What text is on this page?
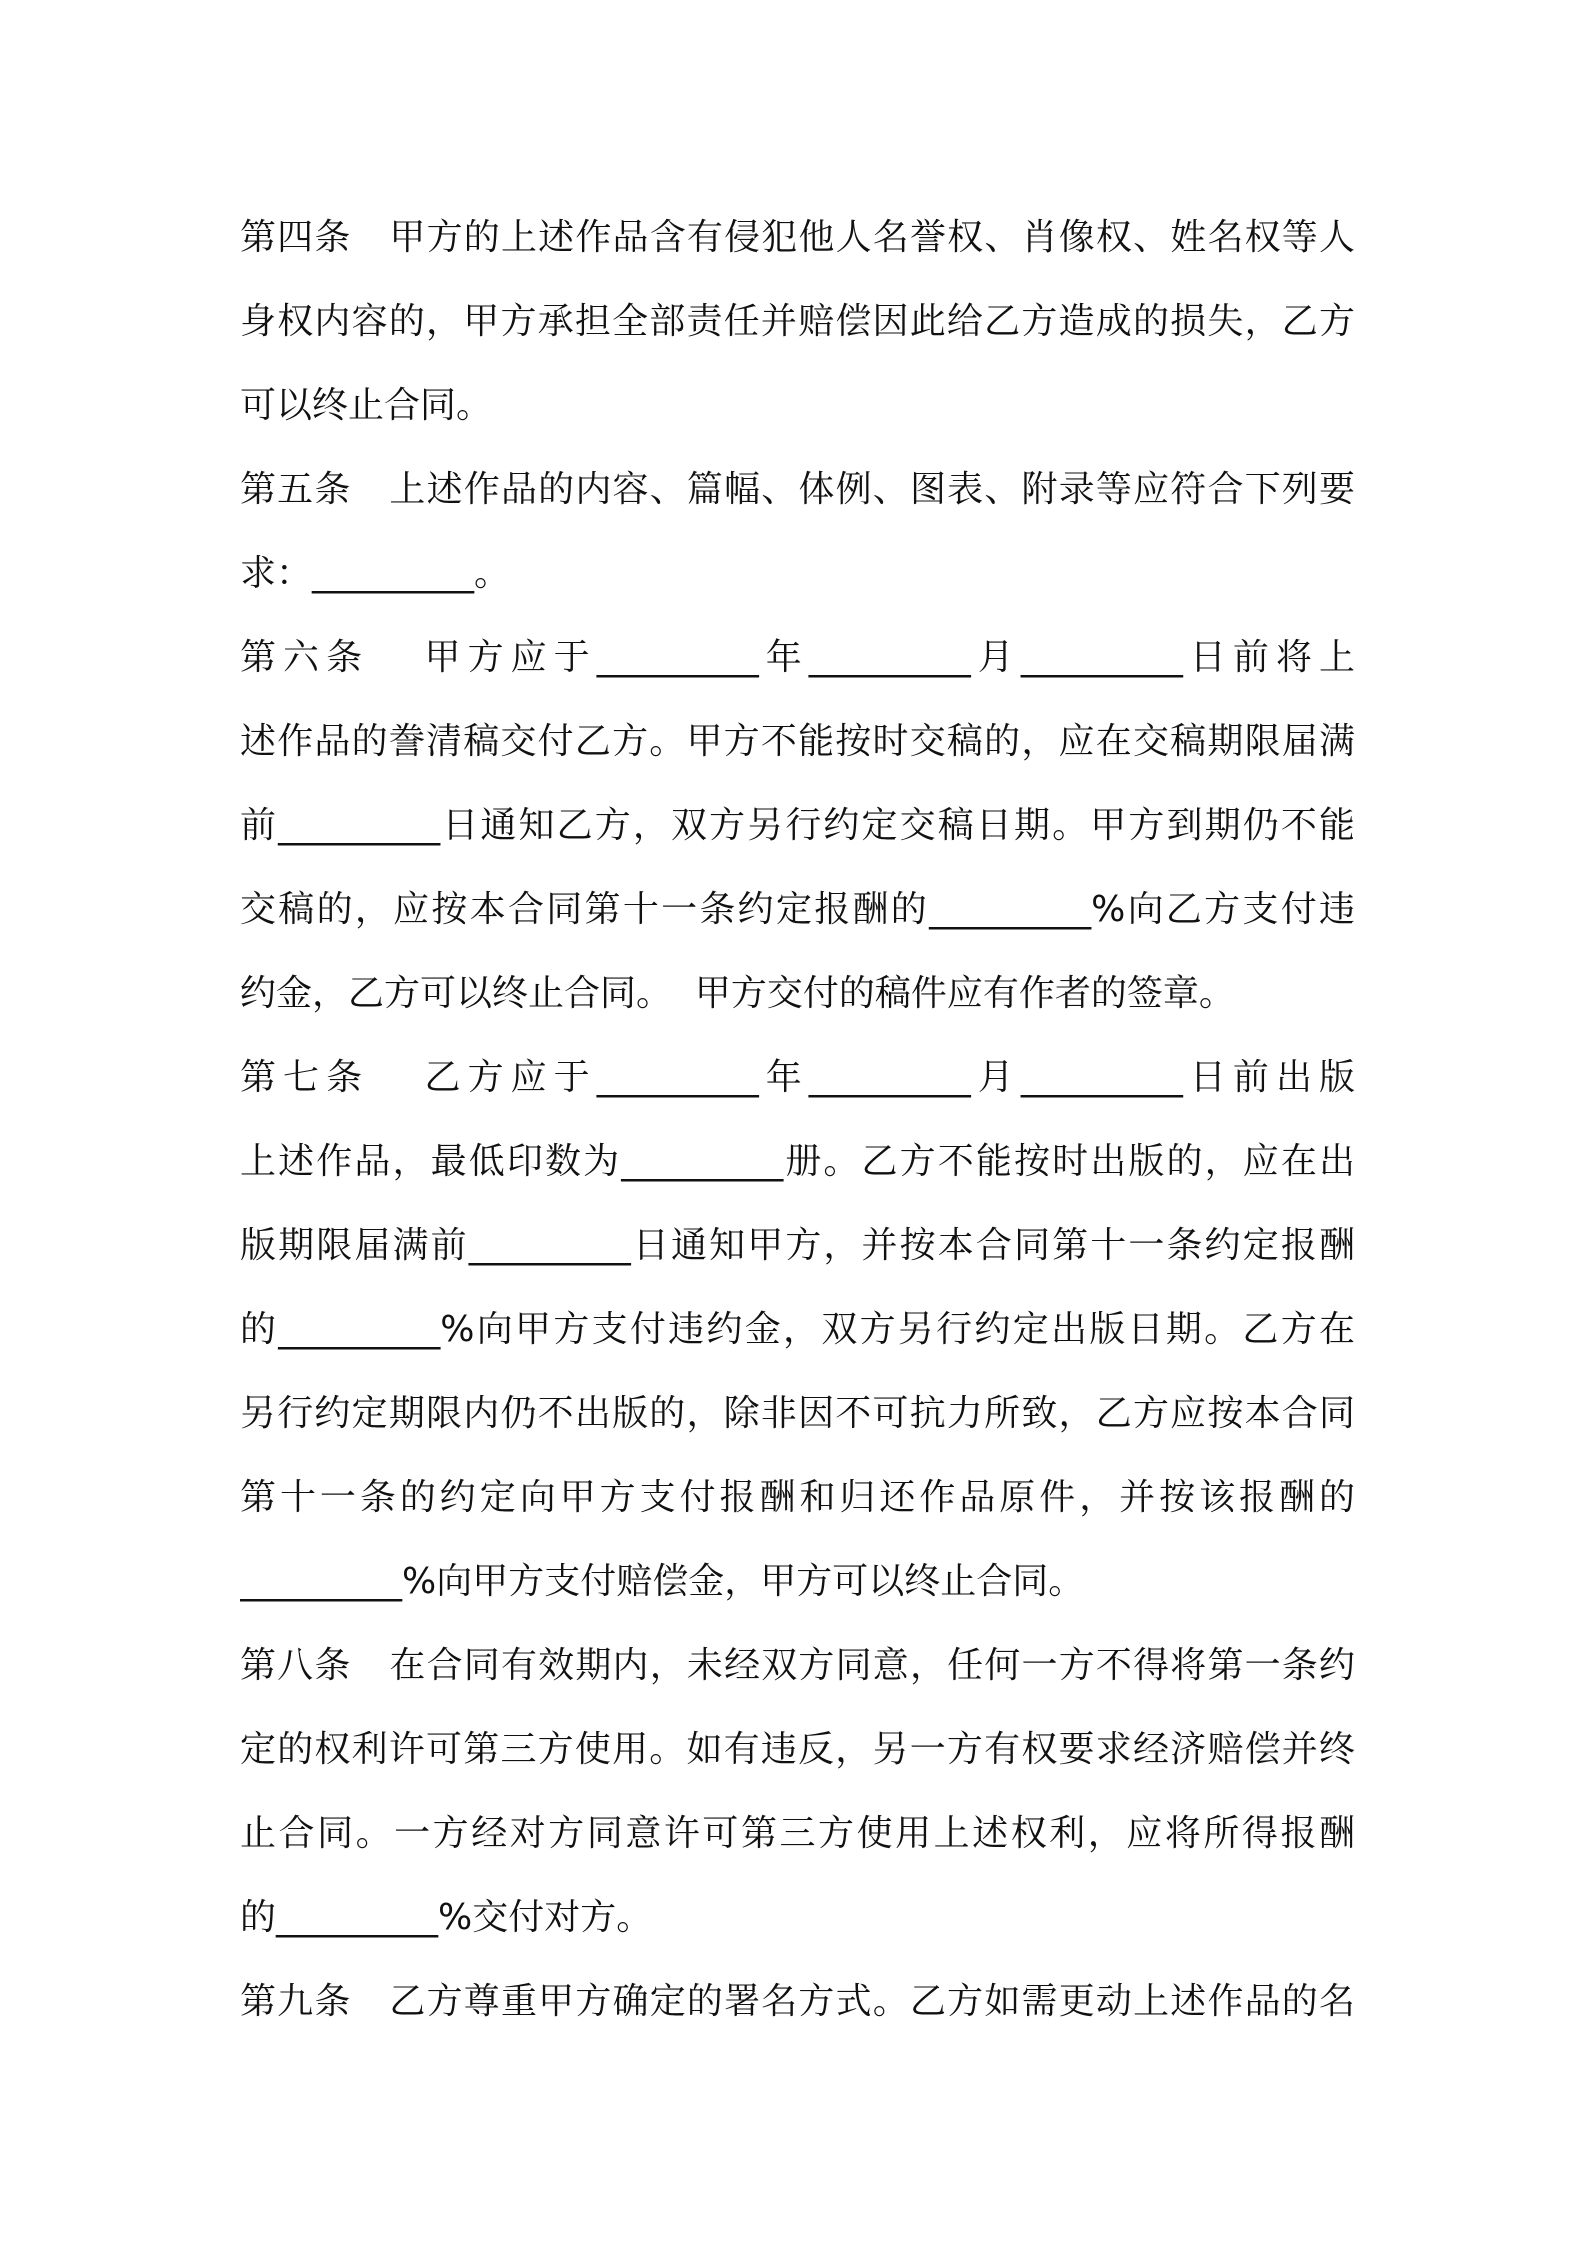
第四条   甲方的上述作品含有侵犯他人名誉权、肖像权、姓名权等人
身权内容的，甲方承担全部责任并赔偿因此给乙方造成的损失，乙方
可以终止合同。
第五条   上述作品的内容、篇幅、体例、图表、附录等应符合下列要
求：_________。
第六条   甲方应于_________年_________月_________日前将上
述作品的誊清稿交付乙方。甲方不能按时交稿的，应在交稿期限届满
前_________日通知乙方，双方另行约定交稿日期。甲方到期仍不能
交稿的，应按本合同第十一条约定报酬的_________%向乙方支付违
约金，乙方可以终止合同。  甲方交付的稿件应有作者的签章。
第七条   乙方应于_________年_________月_________日前出版
上述作品，最低印数为_________册。乙方不能按时出版的，应在出
版期限届满前_________日通知甲方，并按本合同第十一条约定报酬
的_________%向甲方支付违约金，双方另行约定出版日期。乙方在
另行约定期限内仍不出版的，除非因不可抗力所致，乙方应按本合同
第十一条的约定向甲方支付报酬和归还作品原件，并按该报酬的
_________%向甲方支付赔偿金，甲方可以终止合同。
第八条   在合同有效期内，未经双方同意，任何一方不得将第一条约
定的权利许可第三方使用。如有违反，另一方有权要求经济赔偿并终
止合同。一方经对方同意许可第三方使用上述权利，应将所得报酬
的_________%交付对方。
第九条   乙方尊重甲方确定的署名方式。乙方如需更动上述作品的名
